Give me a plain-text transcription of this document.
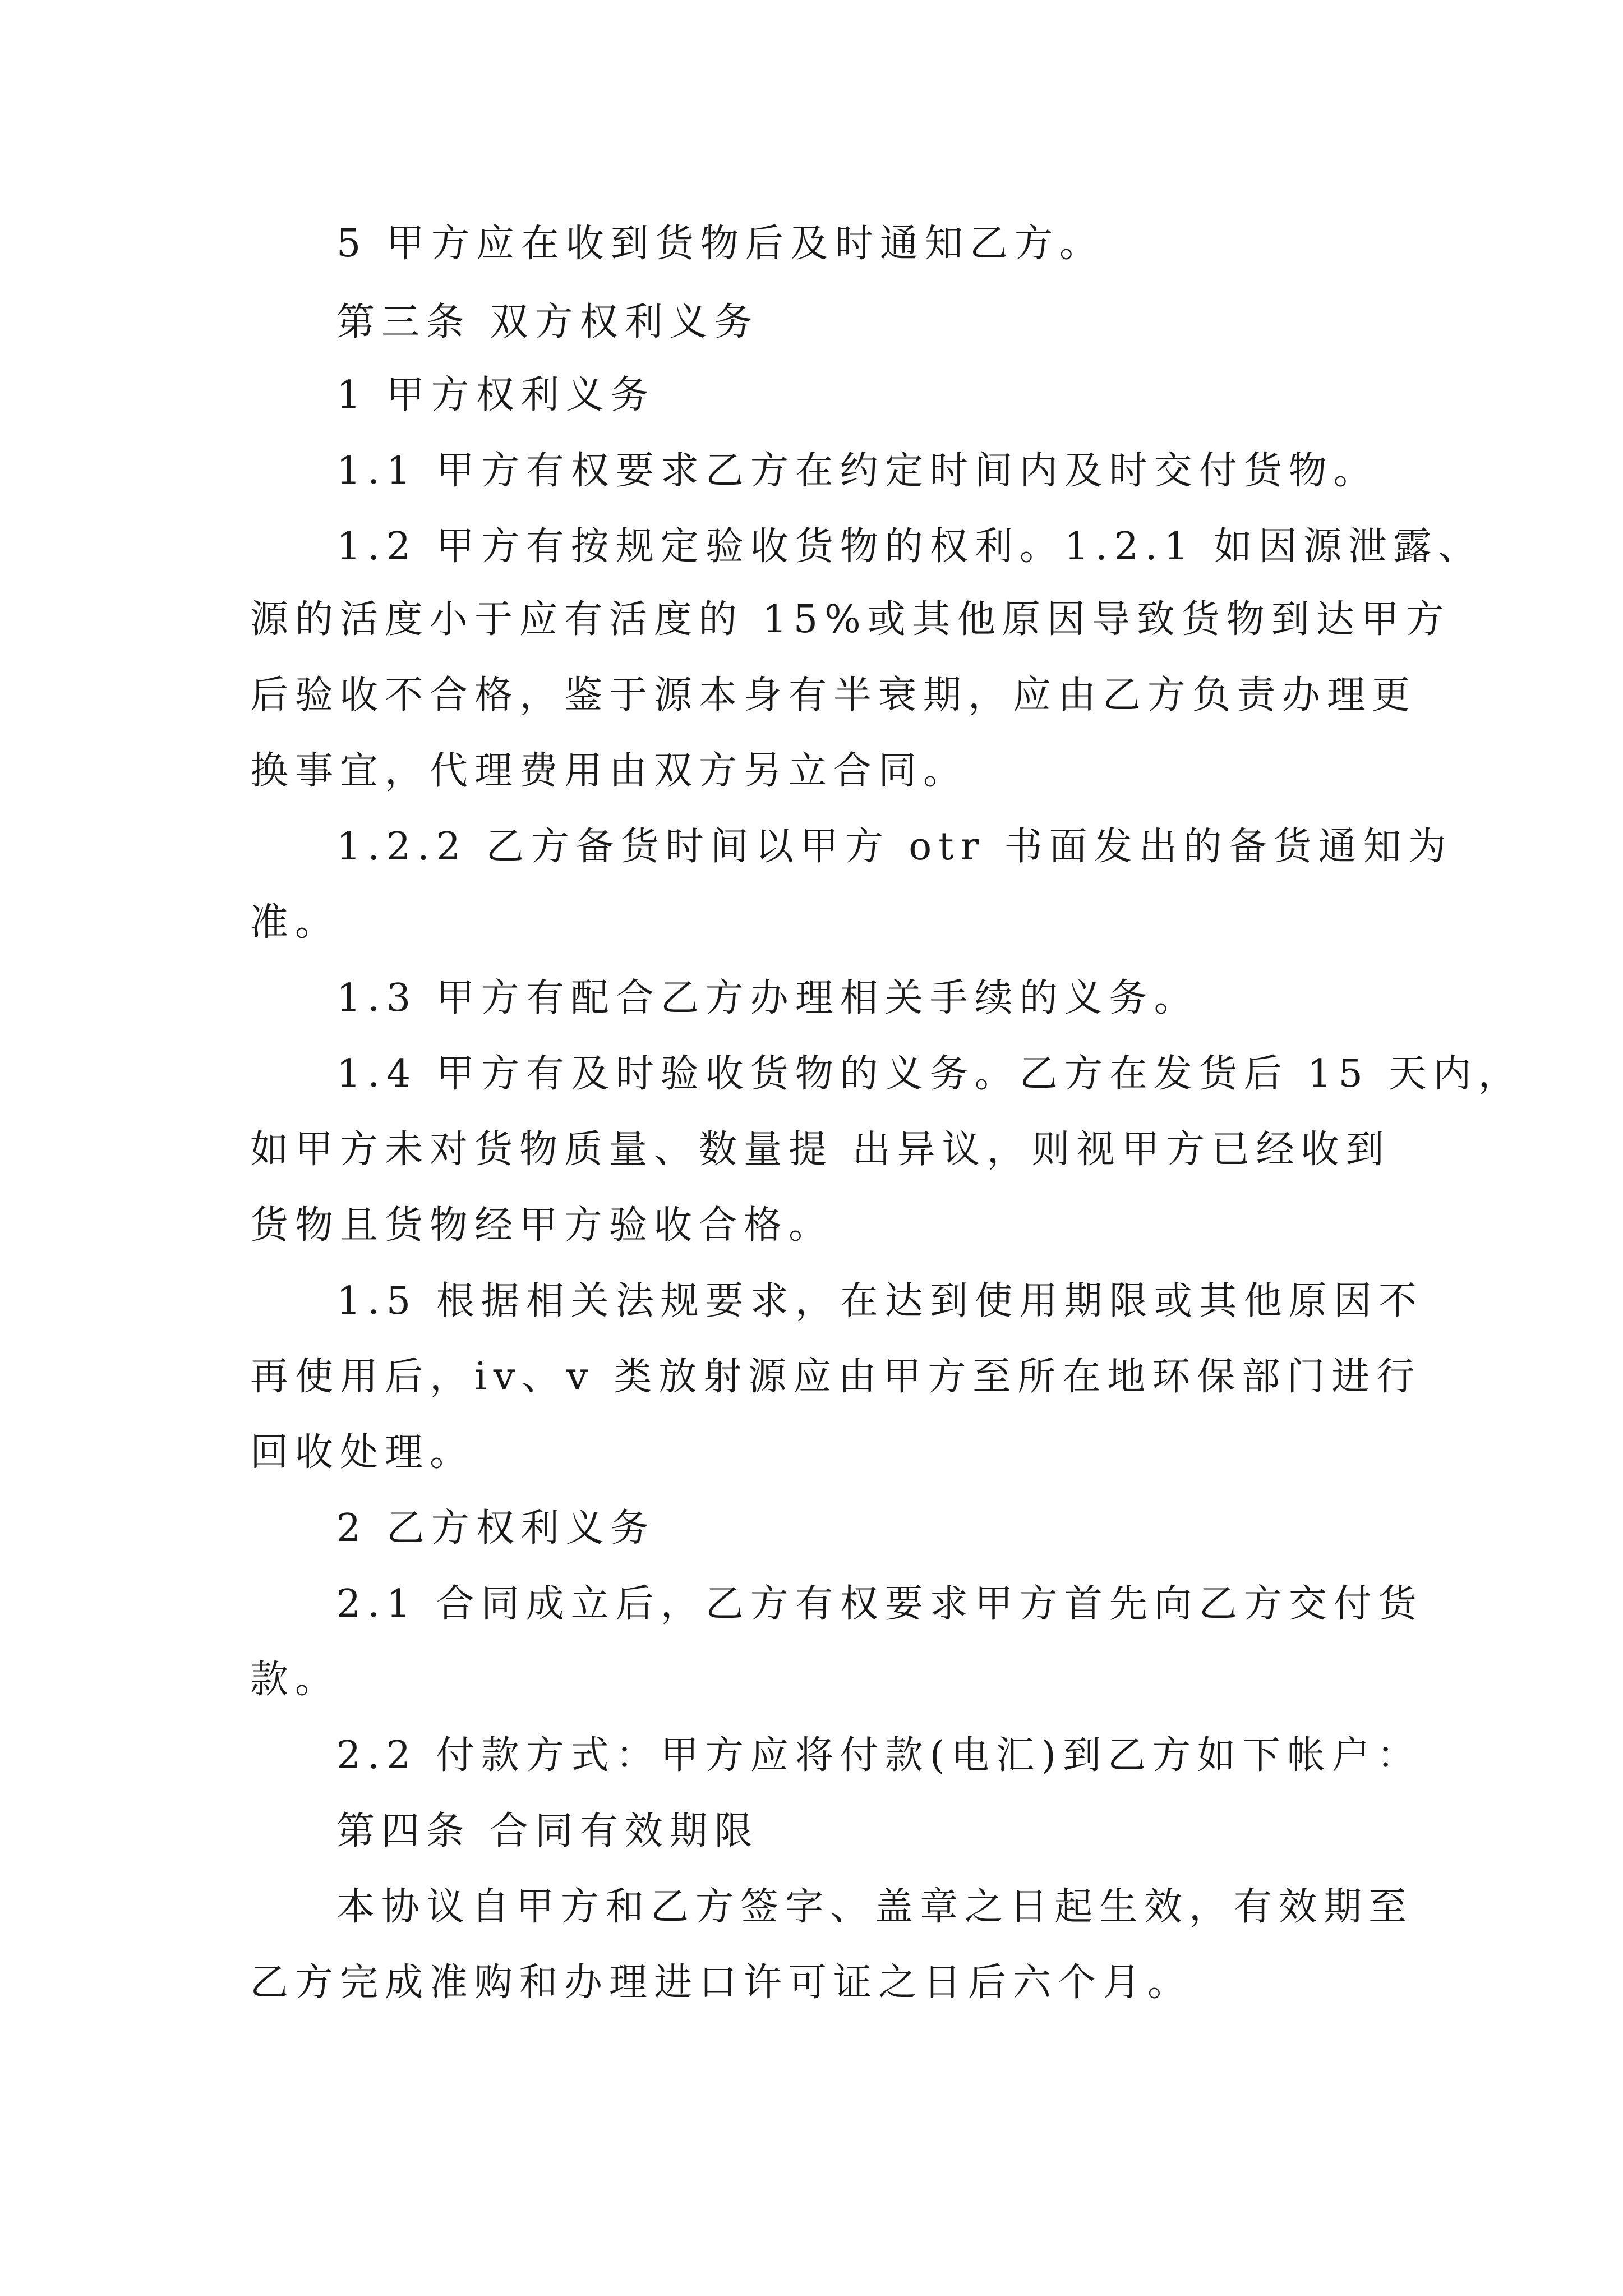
5 甲方应在收到货物后及时通知乙方。

第三条 双方权利义务

1 甲方权利义务

1.1 甲方有权要求乙方在约定时间内及时交付货物。

1.2 甲方有按规定验收货物的权利。1.2.1 如因源泄露、

源的活度小于应有活度的 15%或其他原因导致货物到达甲方

后验收不合格，鉴于源本身有半衰期，应由乙方负责办理更

换事宜，代理费用由双方另立合同。

1.2.2 乙方备货时间以甲方 otr 书面发出的备货通知为

准。

1.3 甲方有配合乙方办理相关手续的义务。

1.4 甲方有及时验收货物的义务。乙方在发货后 15 天内，

如甲方未对货物质量、数量提 出异议，则视甲方已经收到

货物且货物经甲方验收合格。

1.5 根据相关法规要求，在达到使用期限或其他原因不

再使用后，iv、v 类放射源应由甲方至所在地环保部门进行

回收处理。

2 乙方权利义务

2.1 合同成立后，乙方有权要求甲方首先向乙方交付货

款。

2.2 付款方式：甲方应将付款(电汇)到乙方如下帐户：

第四条 合同有效期限

本协议自甲方和乙方签字、盖章之日起生效，有效期至

乙方完成准购和办理进口许可证之日后六个月。
